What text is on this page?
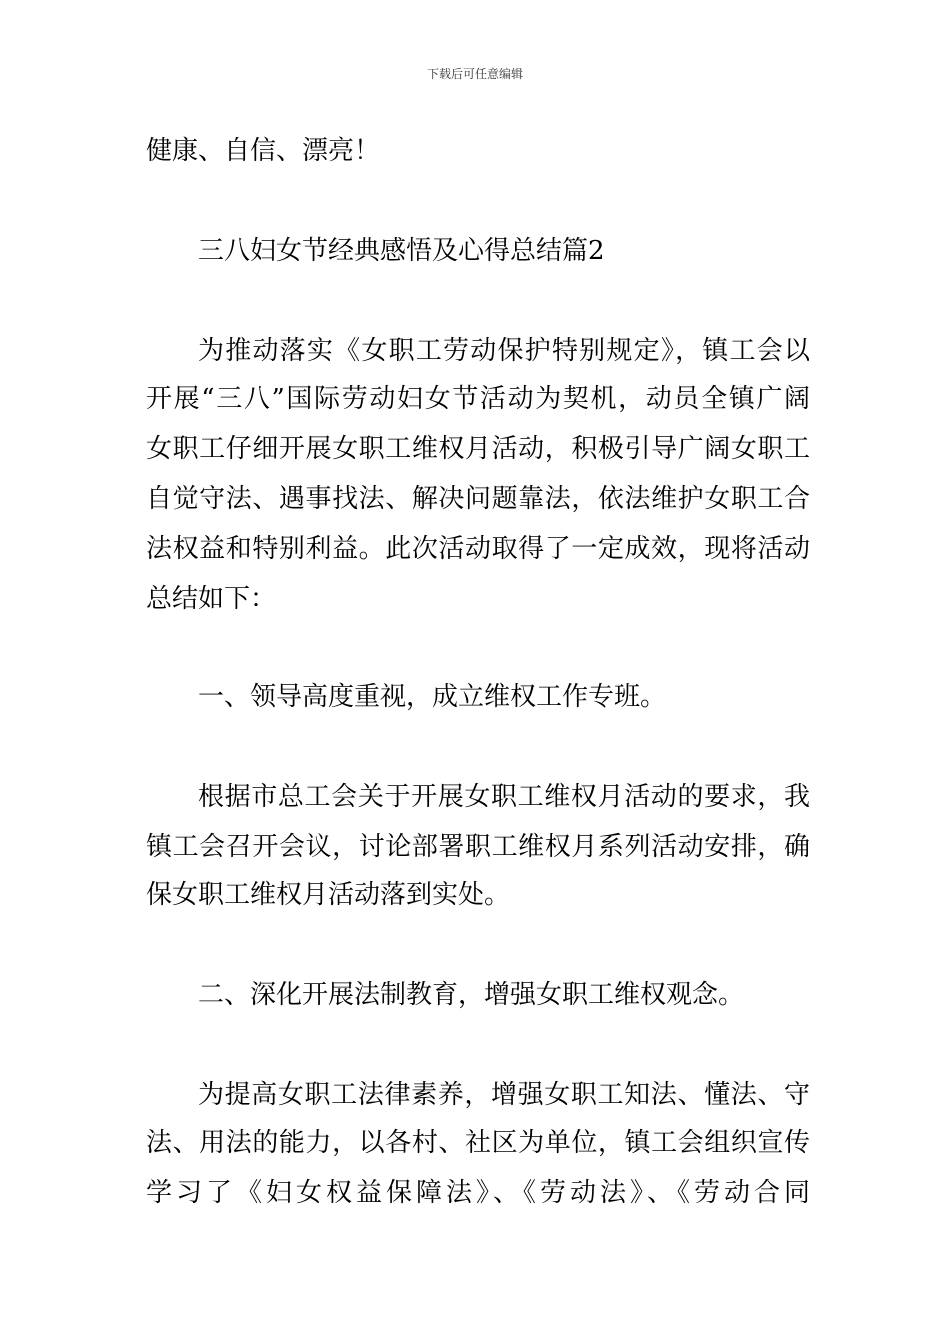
下载后可任意编辑
健康、自信、漂亮！
三八妇女节经典感悟及心得总结篇2
为推动落实《女职工劳动保护特别规定》，镇工会以
开展“三八”国际劳动妇女节活动为契机，动员全镇广阔
女职工仔细开展女职工维权月活动，积极引导广阔女职工
自觉守法、遇事找法、解决问题靠法，依法维护女职工合
法权益和特别利益。此次活动取得了一定成效，现将活动
总结如下：
一、领导高度重视，成立维权工作专班。
根据市总工会关于开展女职工维权月活动的要求，我
镇工会召开会议，讨论部署职工维权月系列活动安排，确
保女职工维权月活动落到实处。
二、深化开展法制教育，增强女职工维权观念。
为提高女职工法律素养，增强女职工知法、懂法、守
法、用法的能力，以各村、社区为单位，镇工会组织宣传
学习了《妇女权益保障法》、《劳动法》、《劳动合同
